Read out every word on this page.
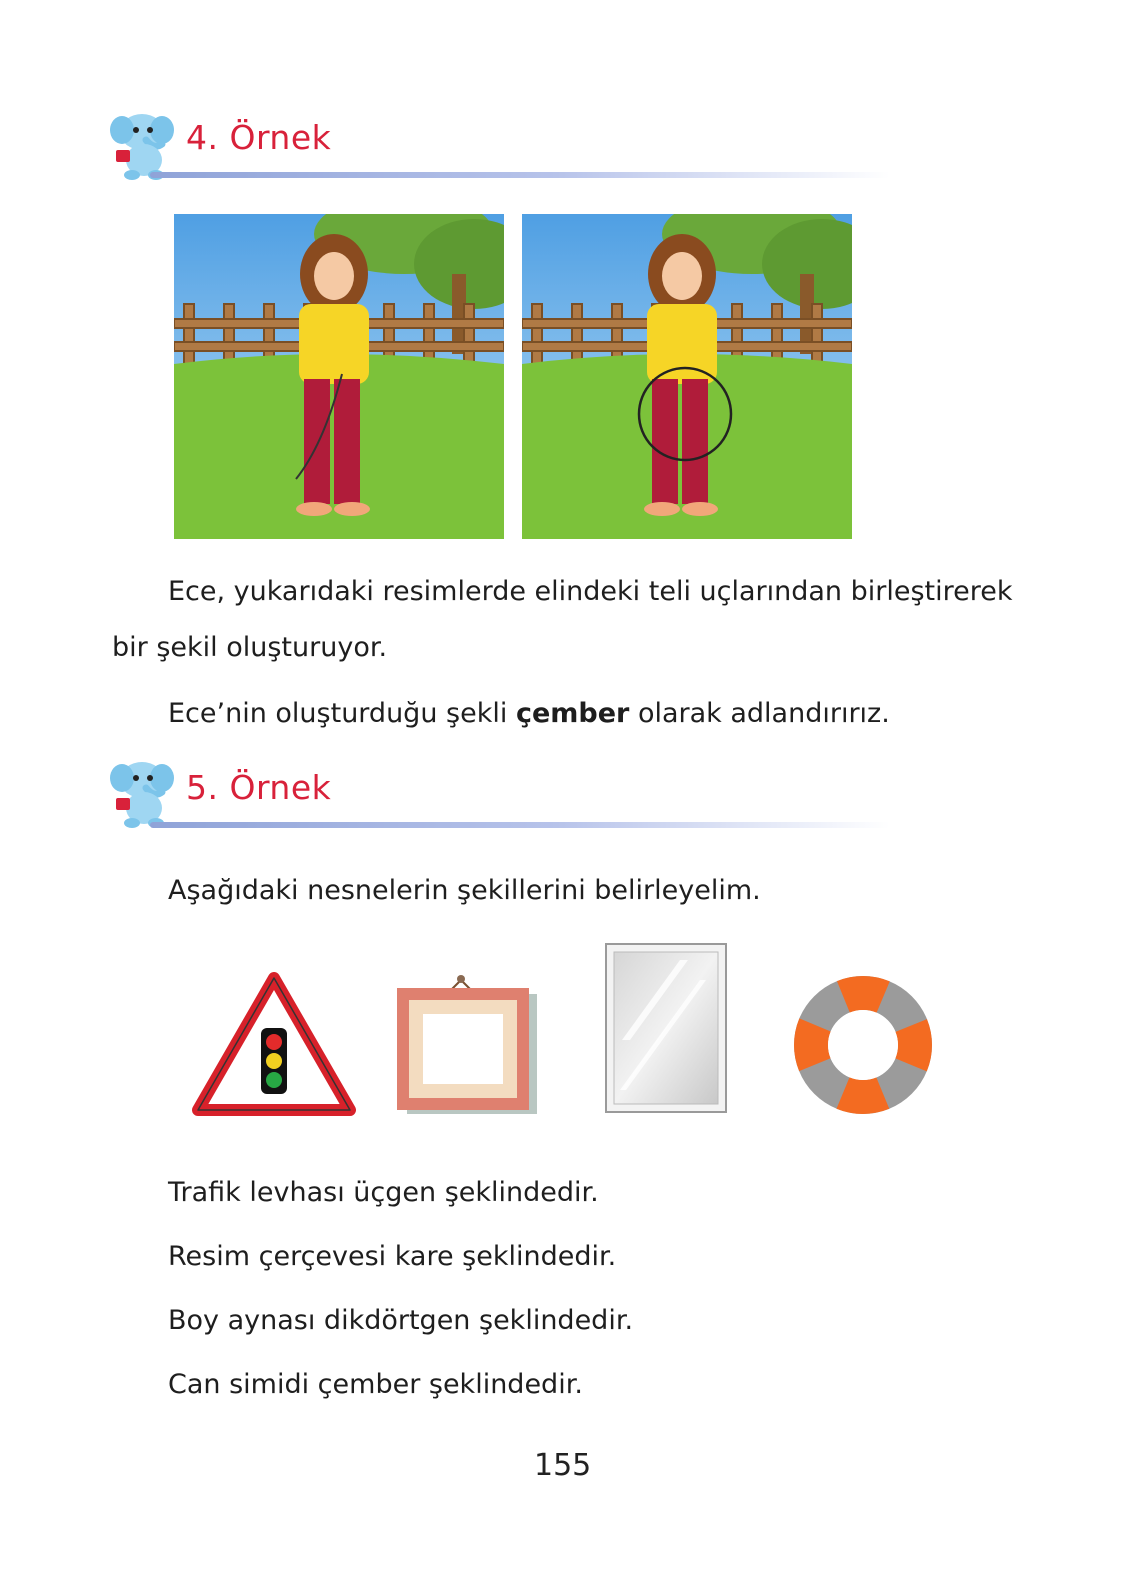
4. Örnek
Ece, yukarıdaki resimlerde elindeki teli uçlarından birleştirerek
bir şekil oluşturuyor.
Ece’nin oluşturduğu şekli çember olarak adlandırırız.
5. Örnek
Aşağıdaki nesnelerin şekillerini belirleyelim.
Trafik levhası üçgen şeklindedir.
Resim çerçevesi kare şeklindedir.
Boy aynası dikdörtgen şeklindedir.
Can simidi çember şeklindedir.
155
